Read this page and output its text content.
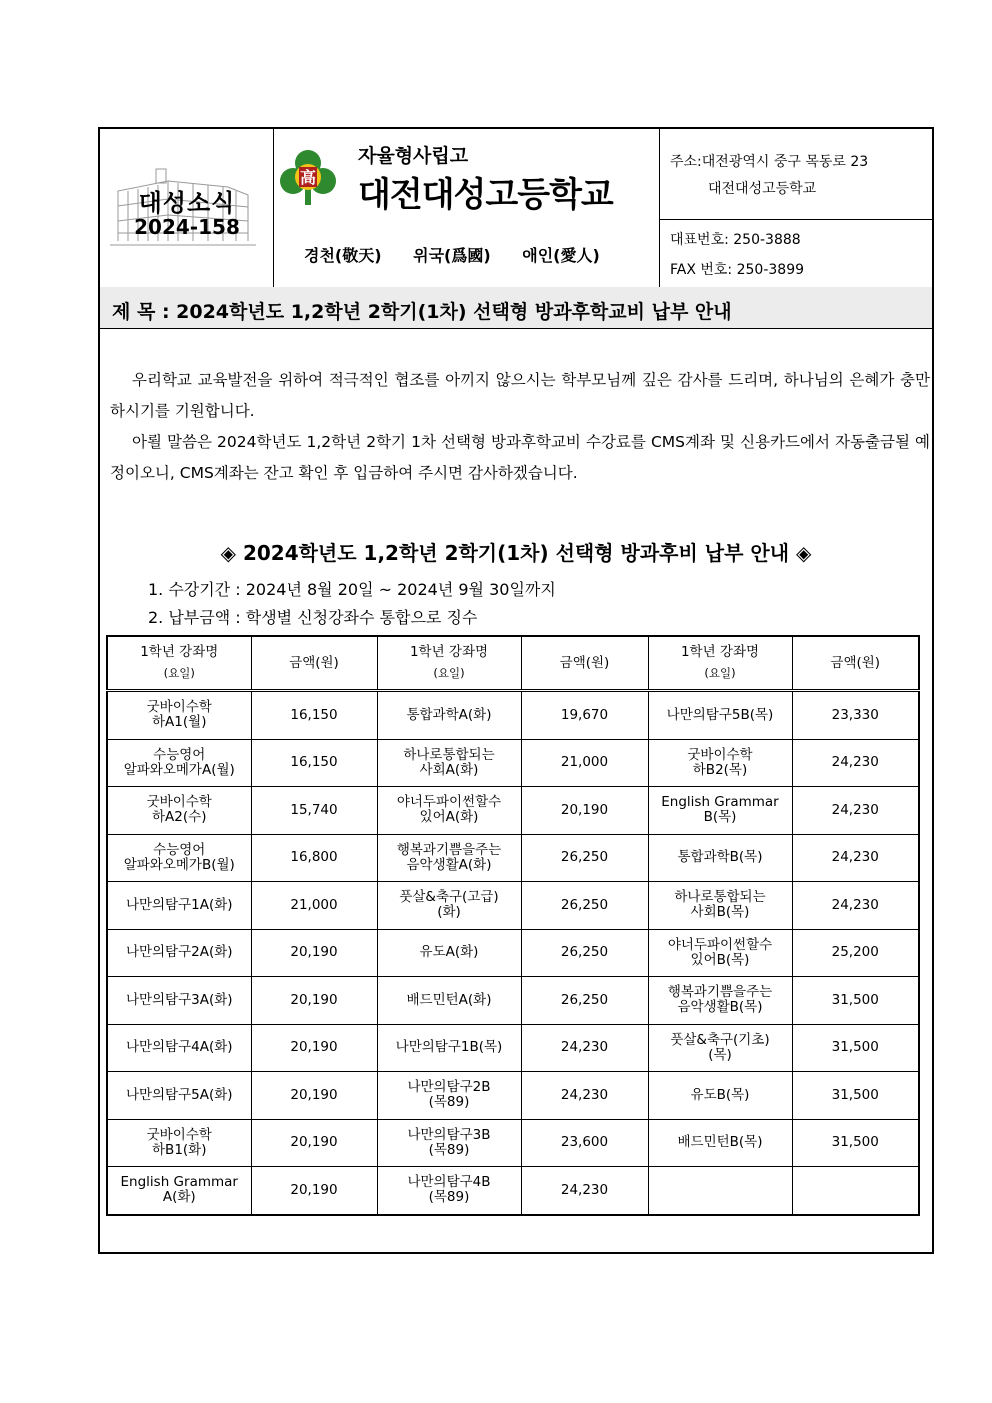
대성소식
2024-158
高
자율형사립고
대전대성고등학교
경천(敬天) 위국(爲國) 애인(愛人)
주소:대전광역시 중구 목동로 23
대전대성고등학교
대표번호: 250-3888
FAX 번호: 250-3899
제 목 : 2024학년도 1,2학년 2학기(1차) 선택형 방과후학교비 납부 안내
우리학교 교육발전을 위하여 적극적인 협조를 아끼지 않으시는 학부모님께 깊은 감사를 드리며, 하나님의 은혜가 충만하시기를 기원합니다.
아뢸 말씀은 2024학년도 1,2학년 2학기 1차 선택형 방과후학교비 수강료를 CMS계좌 및 신용카드에서 자동출금될 예정이오니, CMS계좌는 잔고 확인 후 입금하여 주시면 감사하겠습니다.
◈ 2024학년도 1,2학년 2학기(1차) 선택형 방과후비 납부 안내 ◈
1. 수강기간 : 2024년 8월 20일 ~ 2024년 9월 30일까지
2. 납부금액 : 학생별 신청강좌수 통합으로 징수
1학년 강좌명
(요일)	금액(원)	1학년 강좌명
(요일)	금액(원)	1학년 강좌명
(요일)	금액(원)

굿바이수학
하A1(월)	16,150	통합과학A(화)	19,670	나만의탐구5B(목)	23,330

수능영어
알파와오메가A(월)	16,150	하나로통합되는
사회A(화)	21,000	굿바이수학
하B2(목)	24,230

굿바이수학
하A2(수)	15,740	야너두파이썬할수
있어A(화)	20,190	English Grammar
B(목)	24,230

수능영어
알파와오메가B(월)	16,800	행복과기쁨을주는
음악생활A(화)	26,250	통합과학B(목)	24,230

나만의탐구1A(화)	21,000	풋살&축구(고급)
(화)	26,250	하나로통합되는
사회B(목)	24,230

나만의탐구2A(화)	20,190	유도A(화)	26,250	야너두파이썬할수
있어B(목)	25,200

나만의탐구3A(화)	20,190	배드민턴A(화)	26,250	행복과기쁨을주는
음악생활B(목)	31,500

나만의탐구4A(화)	20,190	나만의탐구1B(목)	24,230	풋살&축구(기초)
(목)	31,500

나만의탐구5A(화)	20,190	나만의탐구2B
(목89)	24,230	유도B(목)	31,500

굿바이수학
하B1(화)	20,190	나만의탐구3B
(목89)	23,600	배드민턴B(목)	31,500

English Grammar
A(화)	20,190	나만의탐구4B
(목89)	24,230	
